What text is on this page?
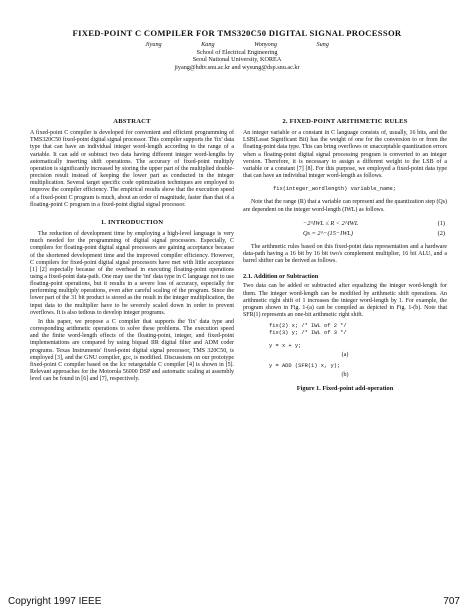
FIXED-POINT C COMPILER FOR TMS320C50 DIGITAL SIGNAL PROCESSOR
Jiyang Kang Wonyong Sung
School of Electrical Engineering
Seoul National University, KOREA
jiyang@hdtv.snu.ac.kr and wysung@dsp.snu.ac.kr
ABSTRACT

A fixed-point C compiler is developed for convenient and efficient programming of TMS320C50 fixed-point digital signal processor. This compiler supports the 'fix' data type that can have an individual integer word-length according to the range of a variable. It can add or subtract two data having different integer word-lengths by automatically inserting shift operations. The accuracy of fixed-point multiply operation is significantly increased by storing the upper part of the multiplied double-precision result instead of keeping the lower part as conducted in the integer multiplication. Several target specific code optimization techniques are employed to improve the compiler efficiency. The empirical results show that the execution speed of a fixed-point C program is much, about an order of magnitude, faster than that of a floating-point C program in a fixed-point digital signal processor.

1. INTRODUCTION

The reduction of development time by employing a high-level language is very much needed for the programming of digital signal processors. Especially, C compilers for floating-point digital signal processors are gaining acceptance because of the shortened development time and the improved compiler efficiency. However, C compilers for fixed-point digital signal processors have met with little acceptance [1] [2] especially because of the overhead in executing floating-point operations using a fixed-point data-path. One may use the 'int' data type in C language not to use floating-point operations, but it results in a severe loss of accuracy, especially for performing multiply operations, even after careful scaling of the program. Since the lower part of the 31 bit product is stored as the result in the integer multiplication, the input data to the multiplier have to be severely scaled down in order to prevent overflows. It is also tedious to develop integer programs.

In this paper, we propose a C compiler that supports the 'fix' data type and corresponding arithmetic operations to solve these problems. The execution speed and the finite word-length effects of the floating-point, integer, and fixed-point implementations are compared by using biquad IIR digital filter and ADM coder programs. Texas Instruments' fixed-point digital signal processor, TMS 320C50, is employed [3], and the GNU compiler, gcc, is modified. Discussions on our prototype fixed-point C compiler based on the lcc retargetable C compiler [4] is shown in [5]. Relevant approaches for the Motorola 56000 DSP and automatic scaling at assembly level can be found in [6] and [7], respectively.

2. FIXED-POINT ARITHMETIC RULES

An integer variable or a constant in C language consists of, usually, 16 bits, and the LSB(Least Significant Bit) has the weight of one for the conversion to or from the floating-point data type. This can bring overflows or unacceptable quantization errors when a floating-point digital signal processing program is converted to an integer version. Therefore, it is necessary to assign a different weight to the LSB of a variable or a constant [7] [8]. For this purpose, we employed a fixed-point data type that can have an individual integer word-length as follows.

fix(integer_wordlength) variable_name;

Note that the range (R) that a variable can represent and the quantization step (Qs) are dependent on the integer word-length (IWL) as follows.

−2^IWL ≤ R < 2^IWL	(1)
Qs = 2^−(15−IWL)	(2)

The arithmetic rules based on this fixed-point data representation and a hardware data-path having a 16 bit by 16 bit two's complement multiplier, 16 bit ALU, and a barrel shifter can be derived as follows.

2.1. Addition or Subtraction

Two data can be added or subtracted after equalizing the integer word-length for them. The integer word-length can be modified by arithmetic shift operations. An arithmetic right shift of 1 increases the integer word-length by 1. For example, the program shown in Fig. 1-(a) can be compiled as depicted in Fig. 1-(b). Note that SFR(1) represents an one-bit arithmetic right shift.

fix(2) x; /* IWL of 2 */
fix(3) y; /* IWL of 3 */
y = x + y;
(a)
y = ADD (SFR(1) x, y);
(b)
Figure 1. Fixed-point add-operation
Copyright 1997 IEEE	707
